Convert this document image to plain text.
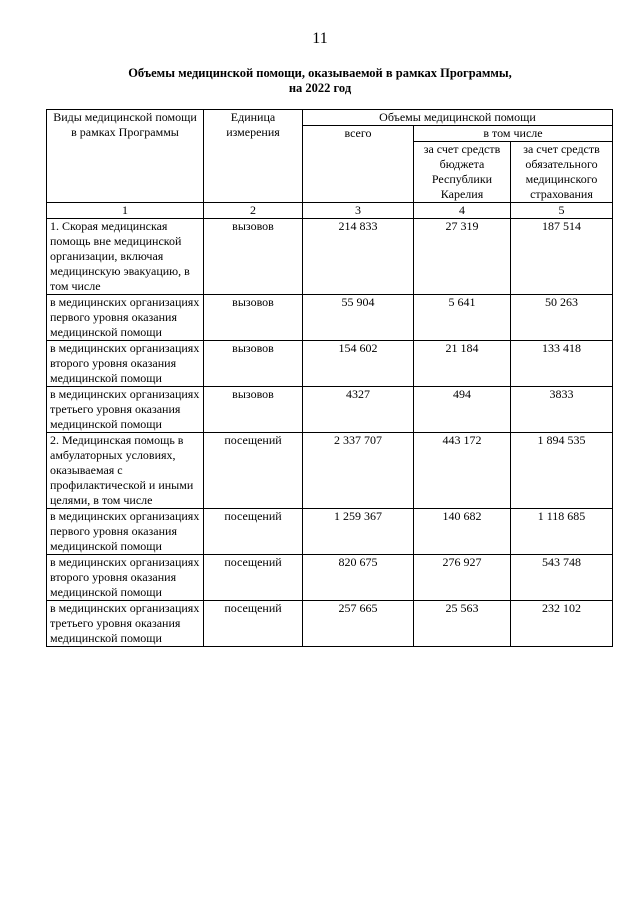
11
Объемы медицинской помощи, оказываемой в рамках Программы,
на 2022 год
Виды медицинской помощи в рамках Программы	Единица измерения	Объемы медицинской помощи		
		всего	в том числе	
			за счет средств бюджета Республики Карелия	за счет средств обязательного медицинского страхования
1	2	3	4	5
1. Скорая медицинская помощь вне медицинской организации, включая медицинскую эвакуацию, в том числе	вызовов	214 833	27 319	187 514
в медицинских организациях первого уровня оказания медицинской помощи	вызовов	55 904	5 641	50 263
в медицинских организациях второго уровня оказания медицинской помощи	вызовов	154 602	21 184	133 418
в медицинских организациях третьего уровня оказания медицинской помощи	вызовов	4327	494	3833
2. Медицинская помощь в амбулаторных условиях, оказываемая с профилактической и иными целями, в том числе	посещений	2 337 707	443 172	1 894 535
в медицинских организациях первого уровня оказания медицинской помощи	посещений	1 259 367	140 682	1 118 685
в медицинских организациях второго уровня оказания медицинской помощи	посещений	820 675	276 927	543 748
в медицинских организациях третьего уровня оказания медицинской помощи	посещений	257 665	25 563	232 102
